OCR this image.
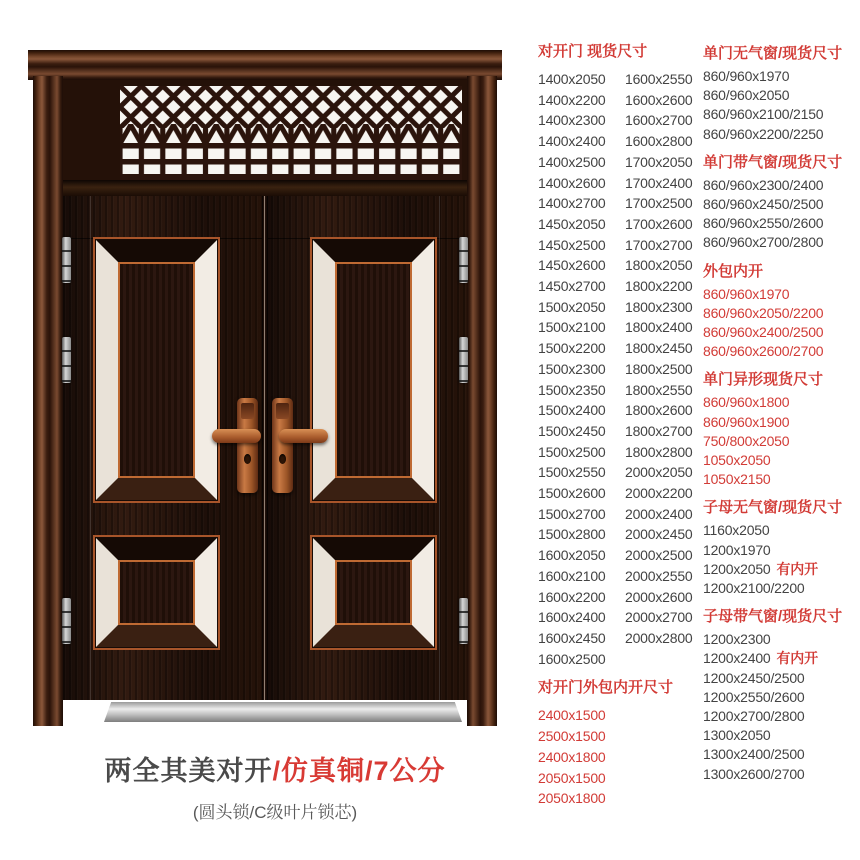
对开门 现货尺寸
1400x2050
1400x2200
1400x2300
1400x2400
1400x2500
1400x2600
1400x2700
1450x2050
1450x2500
1450x2600
1450x2700
1500x2050
1500x2100
1500x2200
1500x2300
1500x2350
1500x2400
1500x2450
1500x2500
1500x2550
1500x2600
1500x2700
1500x2800
1600x2050
1600x2100
1600x2200
1600x2400
1600x2450
1600x2500
1600x2550
1600x2600
1600x2700
1600x2800
1700x2050
1700x2400
1700x2500
1700x2600
1700x2700
1800x2050
1800x2200
1800x2300
1800x2400
1800x2450
1800x2500
1800x2550
1800x2600
1800x2700
1800x2800
2000x2050
2000x2200
2000x2400
2000x2450
2000x2500
2000x2550
2000x2600
2000x2700
2000x2800
对开门外包内开尺寸
2400x1500
2500x1500
2400x1800
2050x1500
2050x1800
单门无气窗/现货尺寸
860/960x1970
860/960x2050
860/960x2100/2150
860/960x2200/2250
单门带气窗/现货尺寸
860/960x2300/2400
860/960x2450/2500
860/960x2550/2600
860/960x2700/2800
外包内开
860/960x1970
860/960x2050/2200
860/960x2400/2500
860/960x2600/2700
单门异形现货尺寸
860/960x1800
860/960x1900
750/800x2050
1050x2050
1050x2150
子母无气窗/现货尺寸
1160x2050
1200x1970
1200x2050 有内开
1200x2100/2200
子母带气窗/现货尺寸
1200x2300
1200x2400 有内开
1200x2450/2500
1200x2550/2600
1200x2700/2800
1300x2050
1300x2400/2500
1300x2600/2700
两全其美对开/仿真铜/7公分
(圆头锁/C级叶片锁芯)
